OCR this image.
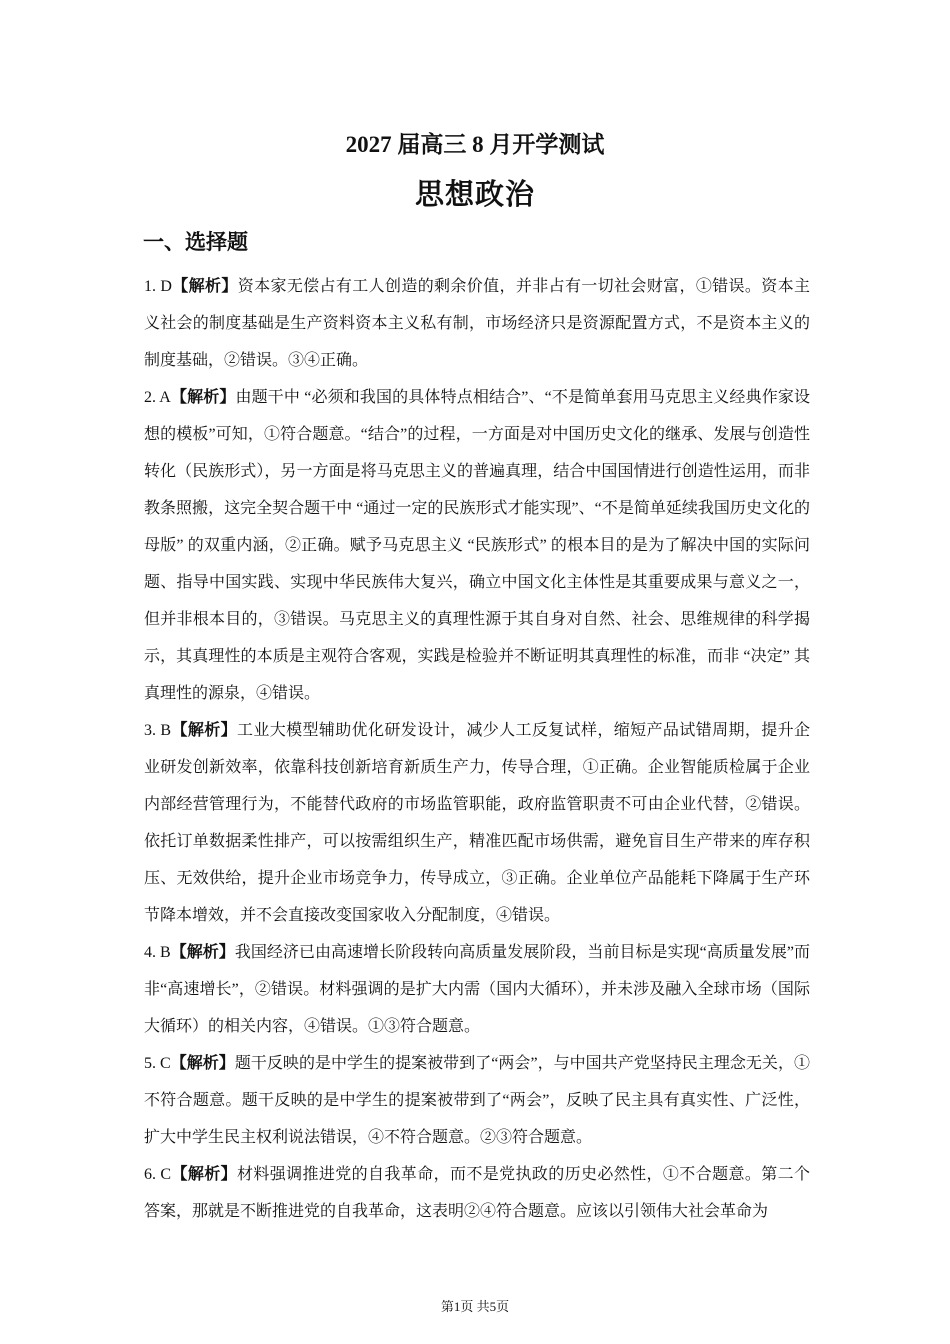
2027 届高三 8 月开学测试
思想政治
一、选择题

1. D【解析】资本家无偿占有工人创造的剩余价值，并非占有一切社会财富，①错误。资本主义社会的制度基础是生产资料资本主义私有制，市场经济只是资源配置方式，不是资本主义的制度基础，②错误。③④正确。

2. A【解析】由题干中 “必须和我国的具体特点相结合”、“不是简单套用马克思主义经典作家设想的模板”可知，①符合题意。“结合”的过程，一方面是对中国历史文化的继承、发展与创造性转化（民族形式），另一方面是将马克思主义的普遍真理，结合中国国情进行创造性运用，而非教条照搬，这完全契合题干中 “通过一定的民族形式才能实现”、“不是简单延续我国历史文化的母版” 的双重内涵，②正确。赋予马克思主义 “民族形式” 的根本目的是为了解决中国的实际问题、指导中国实践、实现中华民族伟大复兴，确立中国文化主体性是其重要成果与意义之一，但并非根本目的，③错误。马克思主义的真理性源于其自身对自然、社会、思维规律的科学揭示，其真理性的本质是主观符合客观，实践是检验并不断证明其真理性的标准，而非 “决定” 其真理性的源泉，④错误。

3. B【解析】工业大模型辅助优化研发设计，减少人工反复试样，缩短产品试错周期，提升企业研发创新效率，依靠科技创新培育新质生产力，传导合理，①正确。企业智能质检属于企业内部经营管理行为，不能替代政府的市场监管职能，政府监管职责不可由企业代替，②错误。依托订单数据柔性排产，可以按需组织生产，精准匹配市场供需，避免盲目生产带来的库存积压、无效供给，提升企业市场竞争力，传导成立，③正确。企业单位产品能耗下降属于生产环节降本增效，并不会直接改变国家收入分配制度，④错误。

4. B【解析】我国经济已由高速增长阶段转向高质量发展阶段，当前目标是实现“高质量发展”而非“高速增长”，②错误。材料强调的是扩大内需（国内大循环），并未涉及融入全球市场（国际大循环）的相关内容，④错误。①③符合题意。

5. C【解析】题干反映的是中学生的提案被带到了“两会”，与中国共产党坚持民主理念无关，①不符合题意。题干反映的是中学生的提案被带到了“两会”，反映了民主具有真实性、广泛性，扩大中学生民主权利说法错误，④不符合题意。②③符合题意。

6. C【解析】材料强调推进党的自我革命，而不是党执政的历史必然性，①不合题意。第二个答案，那就是不断推进党的自我革命，这表明②④符合题意。应该以引领伟大社会革命为

第1页 共5页
